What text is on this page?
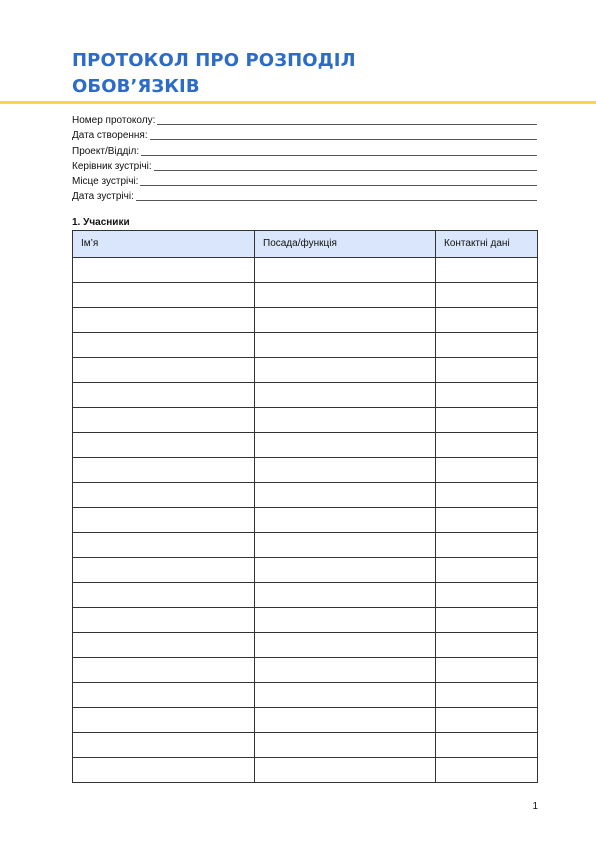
ПРОТОКОЛ ПРО РОЗПОДІЛ
ОБОВ’ЯЗКІВ
Номер протоколу:
Дата створення:
Проект/Відділ:
Керівник зустрічі:
Місце зустрічі:
Дата зустрічі:
1. Учасники
Ім’я	Посада/функція	Контактні дані

1
